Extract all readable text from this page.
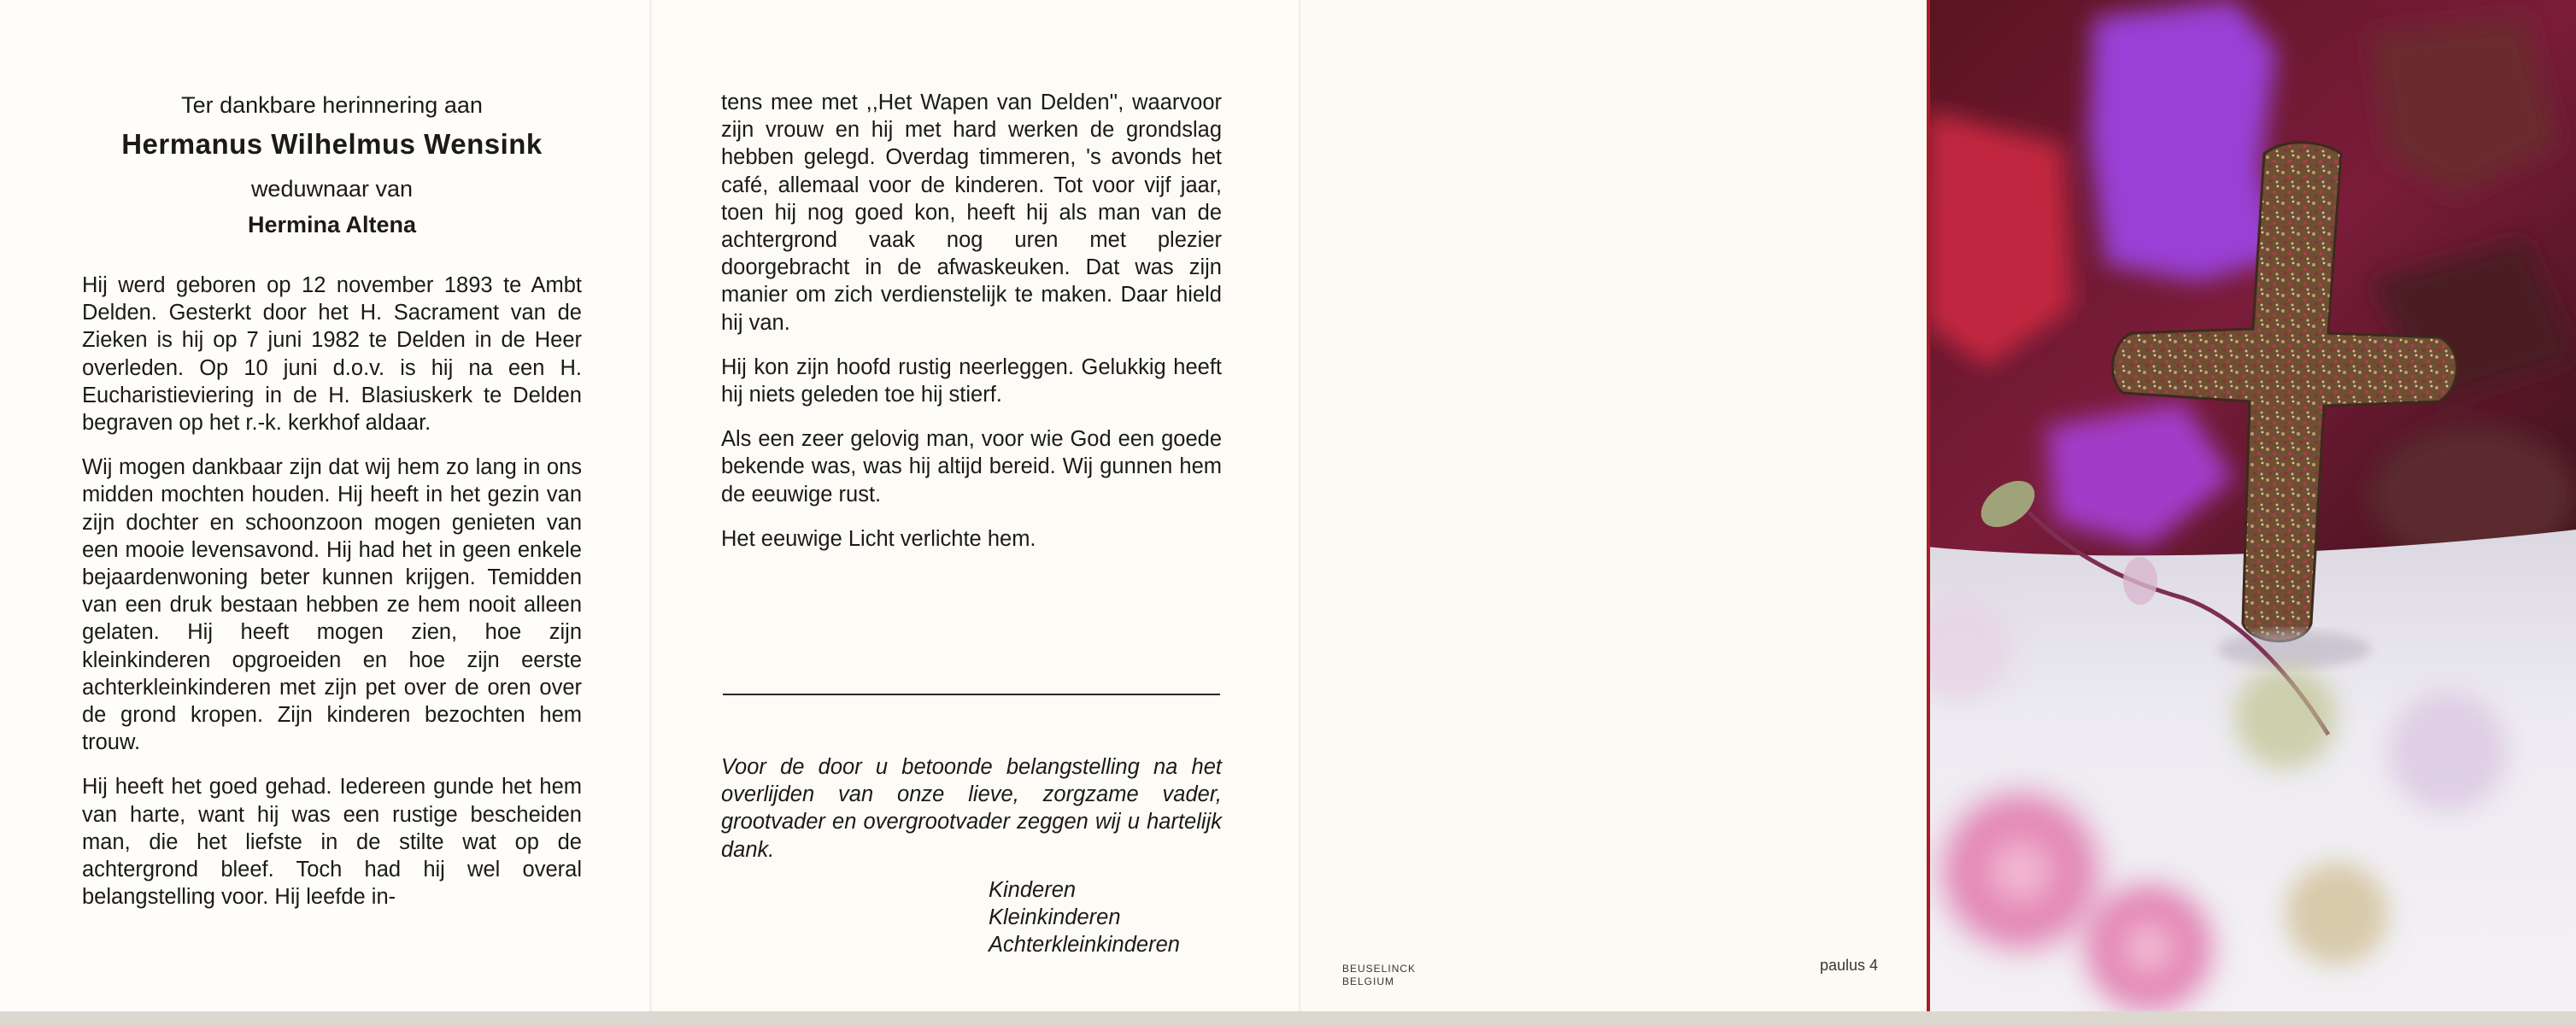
Ter dankbare herinnering aan
Hermanus Wilhelmus Wensink
weduwnaar van
Hermina Altena

Hij werd geboren op 12 november 1893 te Ambt Delden. Gesterkt door het H. Sacrament van de Zieken is hij op 7 juni 1982 te Delden in de Heer overleden. Op 10 juni d.o.v. is hij na een H. Eucharistieviering in de H. Blasiuskerk te Delden begraven op het r.-k. kerkhof aldaar.

Wij mogen dankbaar zijn dat wij hem zo lang in ons midden mochten houden. Hij heeft in het gezin van zijn dochter en schoonzoon mogen genieten van een mooie levensavond. Hij had het in geen enkele bejaardenwoning beter kunnen krijgen. Temidden van een druk bestaan hebben ze hem nooit alleen gelaten. Hij heeft mogen zien, hoe zijn kleinkinderen opgroeiden en hoe zijn eerste achterkleinkinderen met zijn pet over de oren over de grond kropen. Zijn kinderen bezochten hem trouw.

Hij heeft het goed gehad. Iedereen gunde het hem van harte, want hij was een rustige bescheiden man, die het liefste in de stilte wat op de achtergrond bleef. Toch had hij wel overal belangstelling voor. Hij leefde in-

tens mee met ,,Het Wapen van Delden'', waarvoor zijn vrouw en hij met hard werken de grondslag hebben gelegd. Overdag timmeren, 's avonds het café, allemaal voor de kinderen. Tot voor vijf jaar, toen hij nog goed kon, heeft hij als man van de achtergrond vaak nog uren met plezier doorgebracht in de afwaskeuken. Dat was zijn manier om zich verdienstelijk te maken. Daar hield hij van.

Hij kon zijn hoofd rustig neerleggen. Gelukkig heeft hij niets geleden toe hij stierf.

Als een zeer gelovig man, voor wie God een goede bekende was, was hij altijd bereid. Wij gunnen hem de eeuwige rust.

Het eeuwige Licht verlichte hem.

Voor de door u betoonde belangstelling na het overlijden van onze lieve, zorgzame vader, grootvader en overgrootvader zeggen wij u hartelijk dank.
Kinderen
Kleinkinderen
Achterkleinkinderen
BEUSELINCK
BELGIUM
paulus 4
